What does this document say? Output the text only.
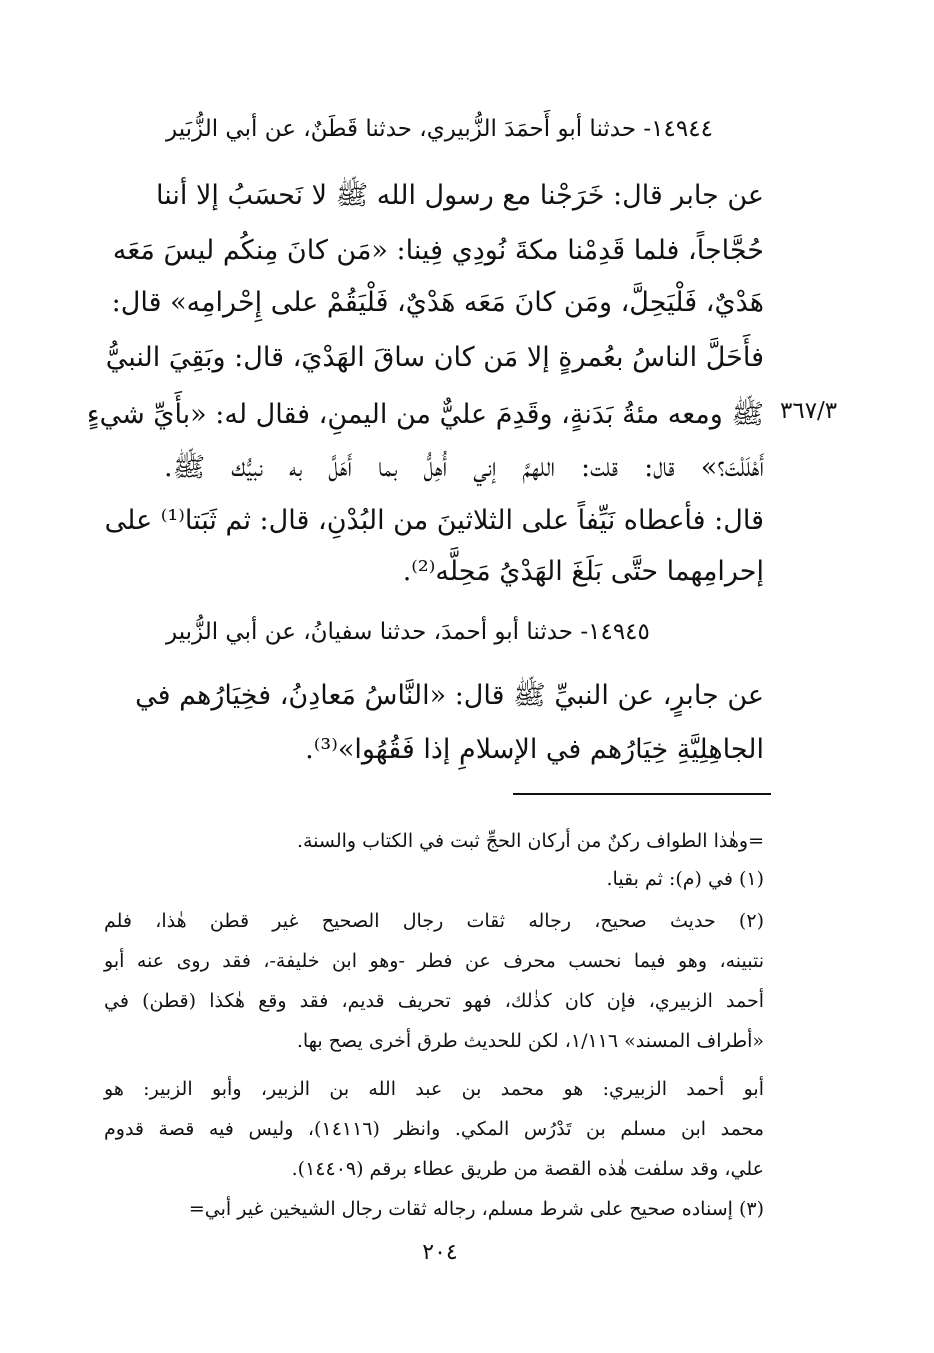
١٤٩٤٤- حدثنا أبو أَحمَدَ الزُّبيري، حدثنا قَطَنٌ، عن أبي الزُّبَير
عن جابر قال: خَرَجْنا مع رسول الله ﷺ لا نَحسَبُ إلا أننا
حُجَّاجاً، فلما قَدِمْنا مكةَ نُودِي فِينا: «مَن كانَ مِنكُم ليسَ مَعَه
هَدْيٌ، فَلْيَحِلَّ، ومَن كانَ مَعَه هَدْيٌ، فَلْيَقُمْ على إِحْرامِه» قال:
فأَحَلَّ الناسُ بعُمرةٍ إلا مَن كان ساقَ الهَدْيَ، قال: وبَقِيَ النبيُّ
ﷺ ومعه مئةُ بَدَنةٍ، وقَدِمَ عليٌّ من اليمنِ، فقال له: «بأَيِّ شيءٍ
أَهْلَلْتَ؟» قال: قلت: اللهمَّ إني أُهِلُّ بما أَهَلَّ به نبيُّك ﷺ.
قال: فأعطاه نَيِّفاً على الثلاثينَ من البُدْنِ، قال: ثم ثَبَتا⁽¹⁾ على
إحرامِهما حتَّى بَلَغَ الهَدْيُ مَحِلَّه⁽²⁾.
٣٦٧/٣
١٤٩٤٥- حدثنا أبو أحمدَ، حدثنا سفيانُ، عن أبي الزُّبير
عن جابرٍ، عن النبيِّ ﷺ قال: «النَّاسُ مَعادِنُ، فخِيَارُهم في
الجاهِلِيَّةِ خِيَارُهم في الإسلامِ إذا فَقُهُوا»⁽³⁾.
=وهٰذا الطواف ركنٌ من أركان الحجِّ ثبت في الكتاب والسنة.
(١) في (م): ثم بقيا.
(٢) حديث صحيح، رجاله ثقات رجال الصحيح غير قطن هٰذا، فلم
نتبينه، وهو فيما نحسب محرف عن فطر -وهو ابن خليفة-، فقد روى عنه أبو
أحمد الزبيري، فإن كان كذٰلك، فهو تحريف قديم، فقد وقع هٰكذا (قطن) في
«أطراف المسند» ١/١١٦، لكن للحديث طرق أخرى يصح بها.
أبو أحمد الزبيري: هو محمد بن عبد الله بن الزبير، وأبو الزبير: هو
محمد ابن مسلم بن تَدْرُس المكي. وانظر (١٤١١٦)، وليس فيه قصة قدوم
علي، وقد سلفت هٰذه القصة من طريق عطاء برقم (١٤٤٠٩).
(٣) إسناده صحيح على شرط مسلم، رجاله ثقات رجال الشيخين غير أبي=
٢٠٤
